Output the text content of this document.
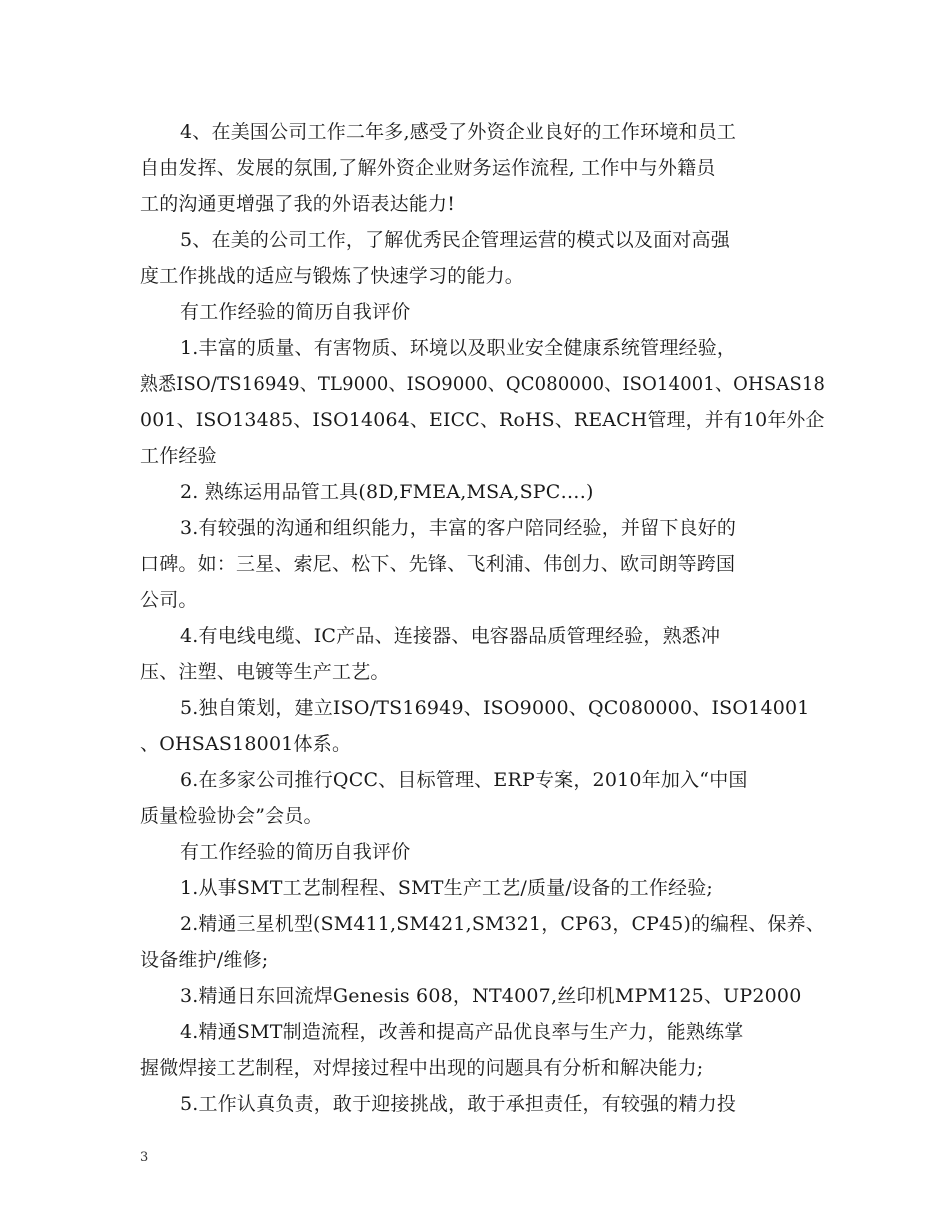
4、在美国公司工作二年多,感受了外资企业良好的工作环境和员工
自由发挥、发展的氛围,了解外资企业财务运作流程, 工作中与外籍员
工的沟通更增强了我的外语表达能力!
5、在美的公司工作，了解优秀民企管理运营的模式以及面对高强
度工作挑战的适应与锻炼了快速学习的能力。
有工作经验的简历自我评价
1.丰富的质量、有害物质、环境以及职业安全健康系统管理经验，
熟悉ISO/TS16949、TL9000、ISO9000、QC080000、ISO14001、OHSAS18
001、ISO13485、ISO14064、EICC、RoHS、REACH管理，并有10年外企
工作经验
2. 熟练运用品管工具(8D,FMEA,MSA,SPC….)
3.有较强的沟通和组织能力，丰富的客户陪同经验，并留下良好的
口碑。如：三星、索尼、松下、先锋、飞利浦、伟创力、欧司朗等跨国
公司。
4.有电线电缆、IC产品、连接器、电容器品质管理经验，熟悉冲
压、注塑、电镀等生产工艺。
5.独自策划，建立ISO/TS16949、ISO9000、QC080000、ISO14001
、OHSAS18001体系。
6.在多家公司推行QCC、目标管理、ERP专案，2010年加入“中国
质量检验协会”会员。
有工作经验的简历自我评价
1.从事SMT工艺制程程、SMT生产工艺/质量/设备的工作经验;
2.精通三星机型(SM411,SM421,SM321，CP63，CP45)的编程、保养、
设备维护/维修;
3.精通日东回流焊Genesis 608，NT4007,丝印机MPM125、UP2000
4.精通SMT制造流程，改善和提高产品优良率与生产力，能熟练掌
握微焊接工艺制程，对焊接过程中出现的问题具有分析和解决能力;
5.工作认真负责，敢于迎接挑战，敢于承担责任，有较强的精力投
3
